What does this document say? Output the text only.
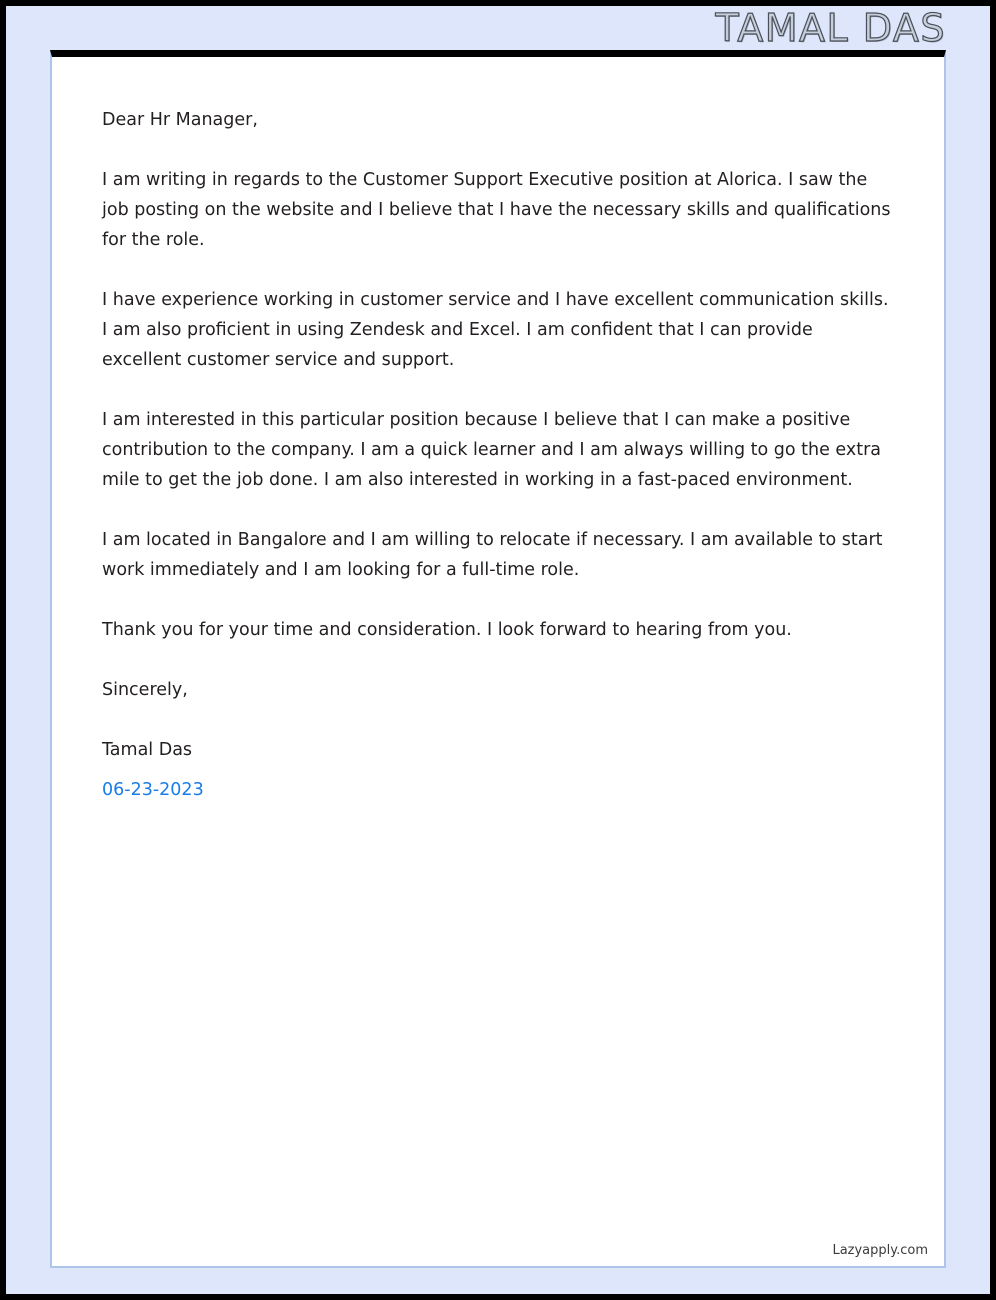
TAMAL DAS
Dear Hr Manager,
I am writing in regards to the Customer Support Executive position at Alorica. I saw the job posting on the website and I believe that I have the necessary skills and qualifications for the role.
I have experience working in customer service and I have excellent communication skills. I am also proficient in using Zendesk and Excel. I am confident that I can provide excellent customer service and support.
I am interested in this particular position because I believe that I can make a positive contribution to the company. I am a quick learner and I am always willing to go the extra mile to get the job done. I am also interested in working in a fast-paced environment.
I am located in Bangalore and I am willing to relocate if necessary. I am available to start work immediately and I am looking for a full-time role.
Thank you for your time and consideration. I look forward to hearing from you.
Sincerely,
Tamal Das
06-23-2023
Lazyapply.com
